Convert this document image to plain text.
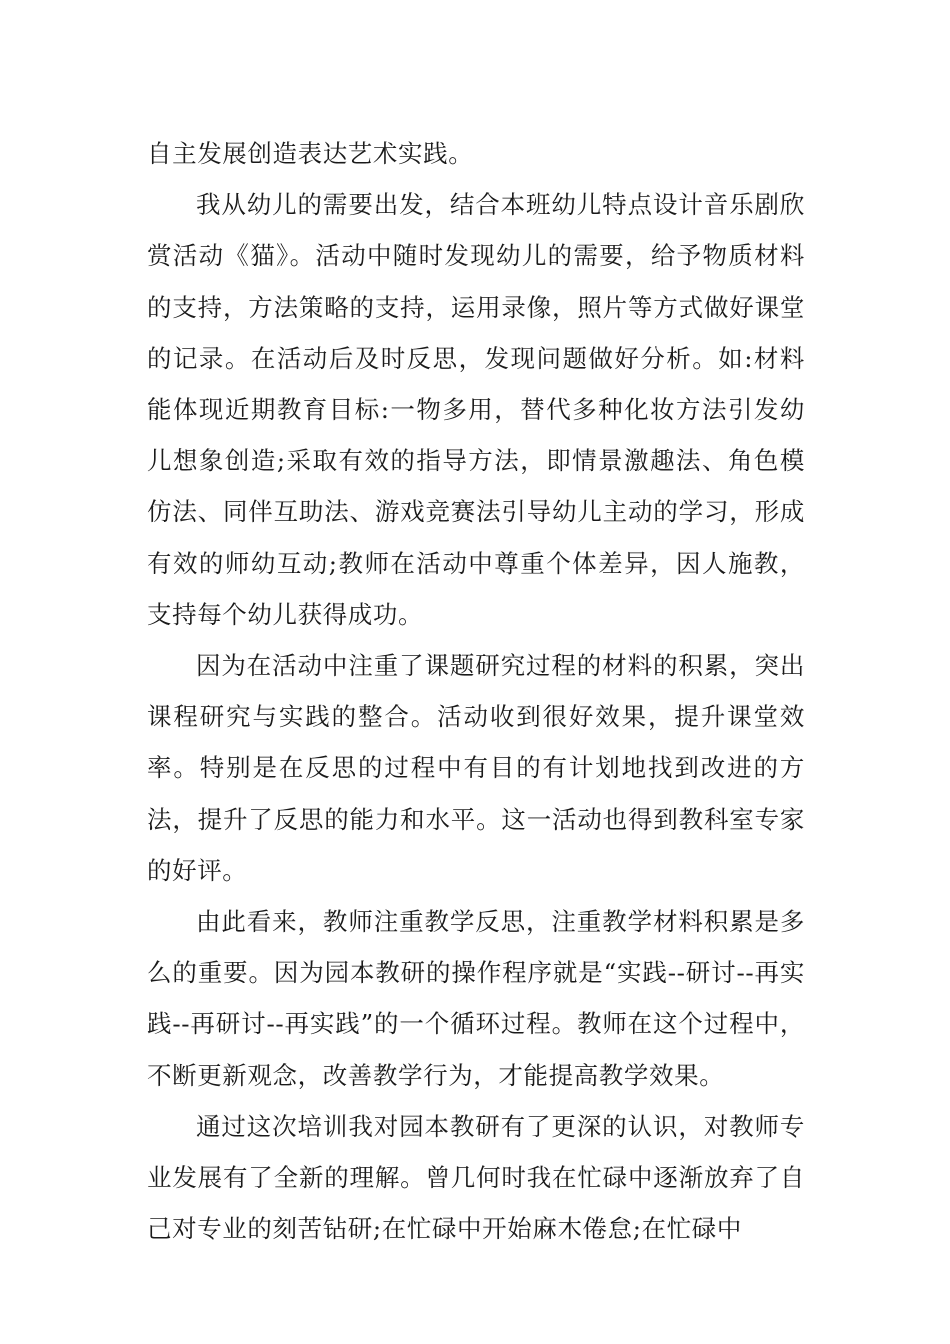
自主发展创造表达艺术实践。

我从幼儿的需要出发，结合本班幼儿特点设计音乐剧欣赏活动《猫》。活动中随时发现幼儿的需要，给予物质材料的支持，方法策略的支持，运用录像，照片等方式做好课堂的记录。在活动后及时反思，发现问题做好分析。如:材料能体现近期教育目标:一物多用，替代多种化妆方法引发幼儿想象创造;采取有效的指导方法，即情景激趣法、角色模仿法、同伴互助法、游戏竞赛法引导幼儿主动的学习，形成有效的师幼互动;教师在活动中尊重个体差异，因人施教，支持每个幼儿获得成功。

因为在活动中注重了课题研究过程的材料的积累，突出课程研究与实践的整合。活动收到很好效果，提升课堂效率。特别是在反思的过程中有目的有计划地找到改进的方法，提升了反思的能力和水平。这一活动也得到教科室专家的好评。

由此看来，教师注重教学反思，注重教学材料积累是多么的重要。因为园本教研的操作程序就是“实践--研讨--再实践--再研讨--再实践”的一个循环过程。教师在这个过程中，不断更新观念，改善教学行为，才能提高教学效果。

通过这次培训我对园本教研有了更深的认识，对教师专业发展有了全新的理解。曾几何时我在忙碌中逐渐放弃了自己对专业的刻苦钻研;在忙碌中开始麻木倦怠;在忙碌中
